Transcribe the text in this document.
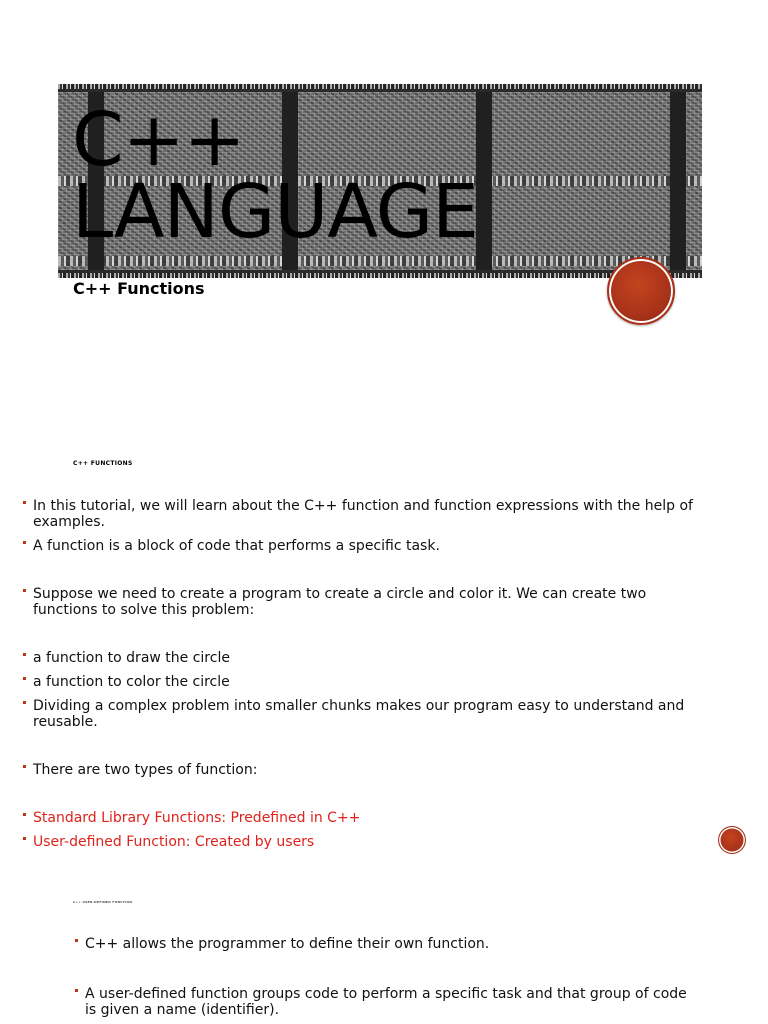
C++
LANGUAGE
C++ Functions
C++ FUNCTIONS
In this tutorial, we will learn about the C++ function and function expressions with the help of examples.
A function is a block of code that performs a specific task.
Suppose we need to create a program to create a circle and color it. We can create two functions to solve this problem:
a function to draw the circle
a function to color the circle
Dividing a complex problem into smaller chunks makes our program easy to understand and reusable.
There are two types of function:
Standard Library Functions: Predefined in C++
User-defined Function: Created by users
C++ USER-DEFINED FUNCTION
C++ allows the programmer to define their own function.
A user-defined function groups code to perform a specific task and that group of code is given a name (identifier).
